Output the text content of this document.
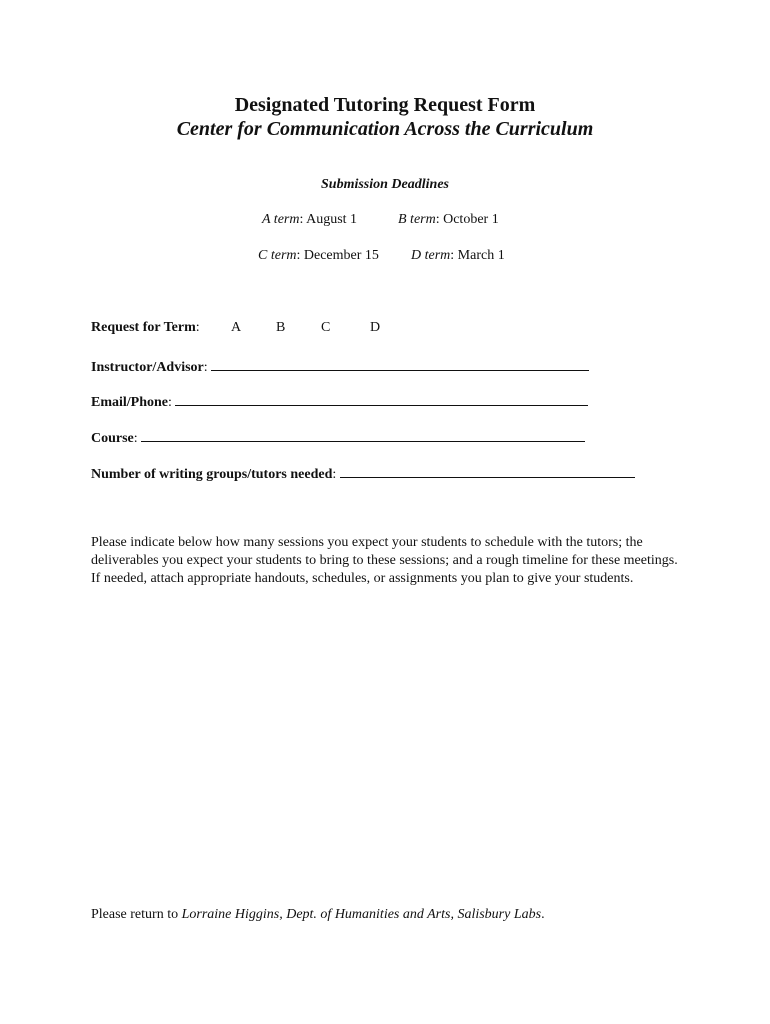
Designated Tutoring Request Form
Center for Communication Across the Curriculum
Submission Deadlines
A term: August 1	B term: October 1
C term: December 15 D term: March 1
Request for Term: A B	C	D
Instructor/Advisor:
Email/Phone:
Course:
Number of writing groups/tutors needed:
Please indicate below how many sessions you expect your students to schedule with the tutors; the deliverables you expect your students to bring to these sessions; and a rough timeline for these meetings. If needed, attach appropriate handouts, schedules, or assignments you plan to give your students.
Please return to Lorraine Higgins, Dept. of Humanities and Arts, Salisbury Labs.
